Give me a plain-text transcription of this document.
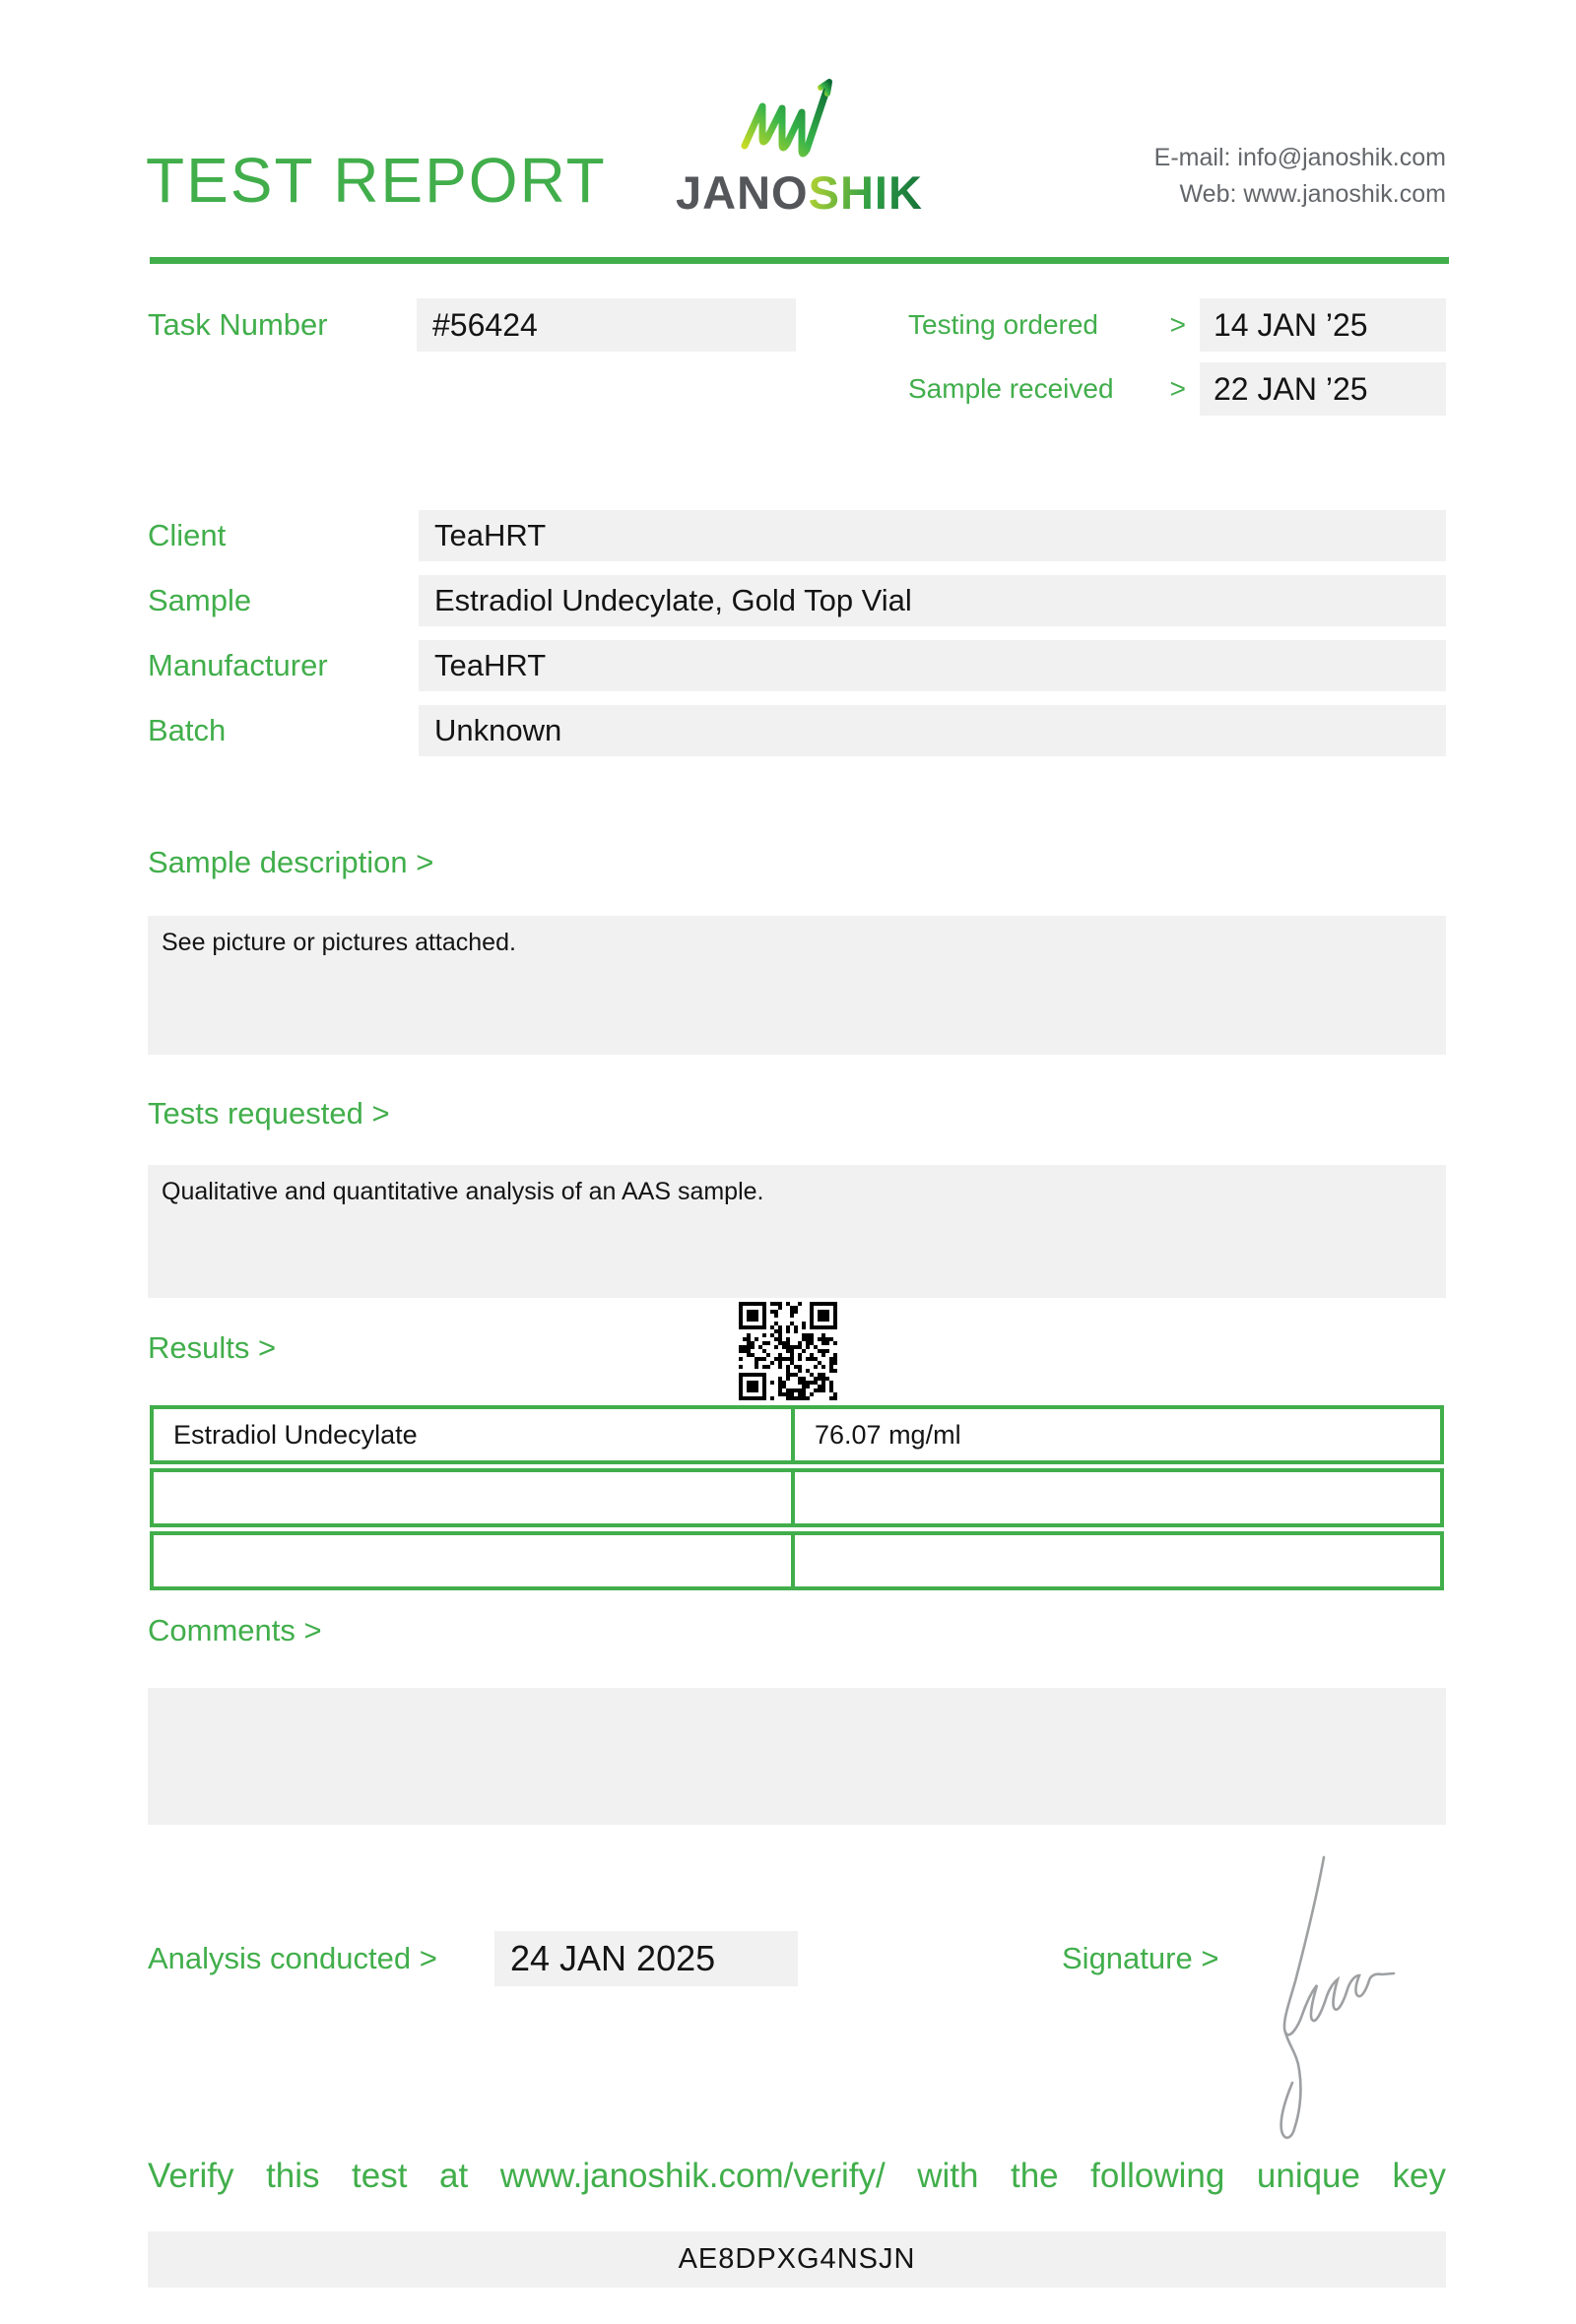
TEST REPORT JANOSHIK
E-mail: info@janoshik.com
Web: www.janoshik.com
Task Number	#56424	Testing ordered	> 14 JAN ’25
Sample received > 22 JAN ’25
Client	TeaHRT
Sample	Estradiol Undecylate, Gold Top Vial
Manufacturer	TeaHRT
Batch	Unknown
Sample description >
See picture or pictures attached.
Tests requested >
Qualitative and quantitative analysis of an AAS sample.
Results >
Estradiol Undecylate	76.07 mg/ml
Comments >
Analysis conducted >	24 JAN 2025	Signature >
Verify this test at www.janoshik.com/verify/ with the following unique key
AE8DPXG4NSJN
